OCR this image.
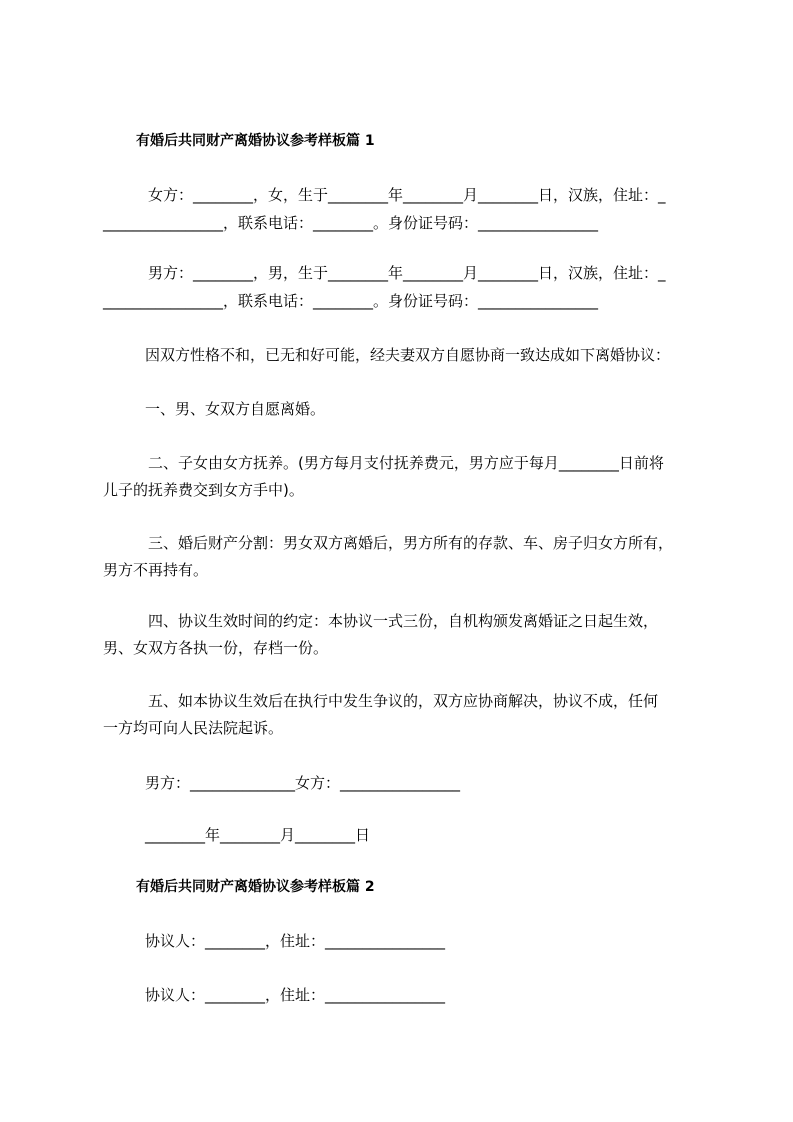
有婚后共同财产离婚协议参考样板篇 1
女方：________，女，生于________年________月________日，汉族，住址：_
________________，联系电话：________。身份证号码：________________
男方：________，男，生于________年________月________日，汉族，住址：_
________________，联系电话：________。身份证号码：________________
因双方性格不和，已无和好可能，经夫妻双方自愿协商一致达成如下离婚协议：
一、男、女双方自愿离婚。
二、子女由女方抚养。(男方每月支付抚养费元，男方应于每月________日前将
儿子的抚养费交到女方手中)。
三、婚后财产分割：男女双方离婚后，男方所有的存款、车、房子归女方所有，
男方不再持有。
四、协议生效时间的约定：本协议一式三份，自机构颁发离婚证之日起生效，
男、女双方各执一份，存档一份。
五、如本协议生效后在执行中发生争议的，双方应协商解决，协议不成，任何
一方均可向人民法院起诉。
男方：______________女方：________________
________年________月________日
有婚后共同财产离婚协议参考样板篇 2
协议人：________，住址：________________
协议人：________，住址：________________
